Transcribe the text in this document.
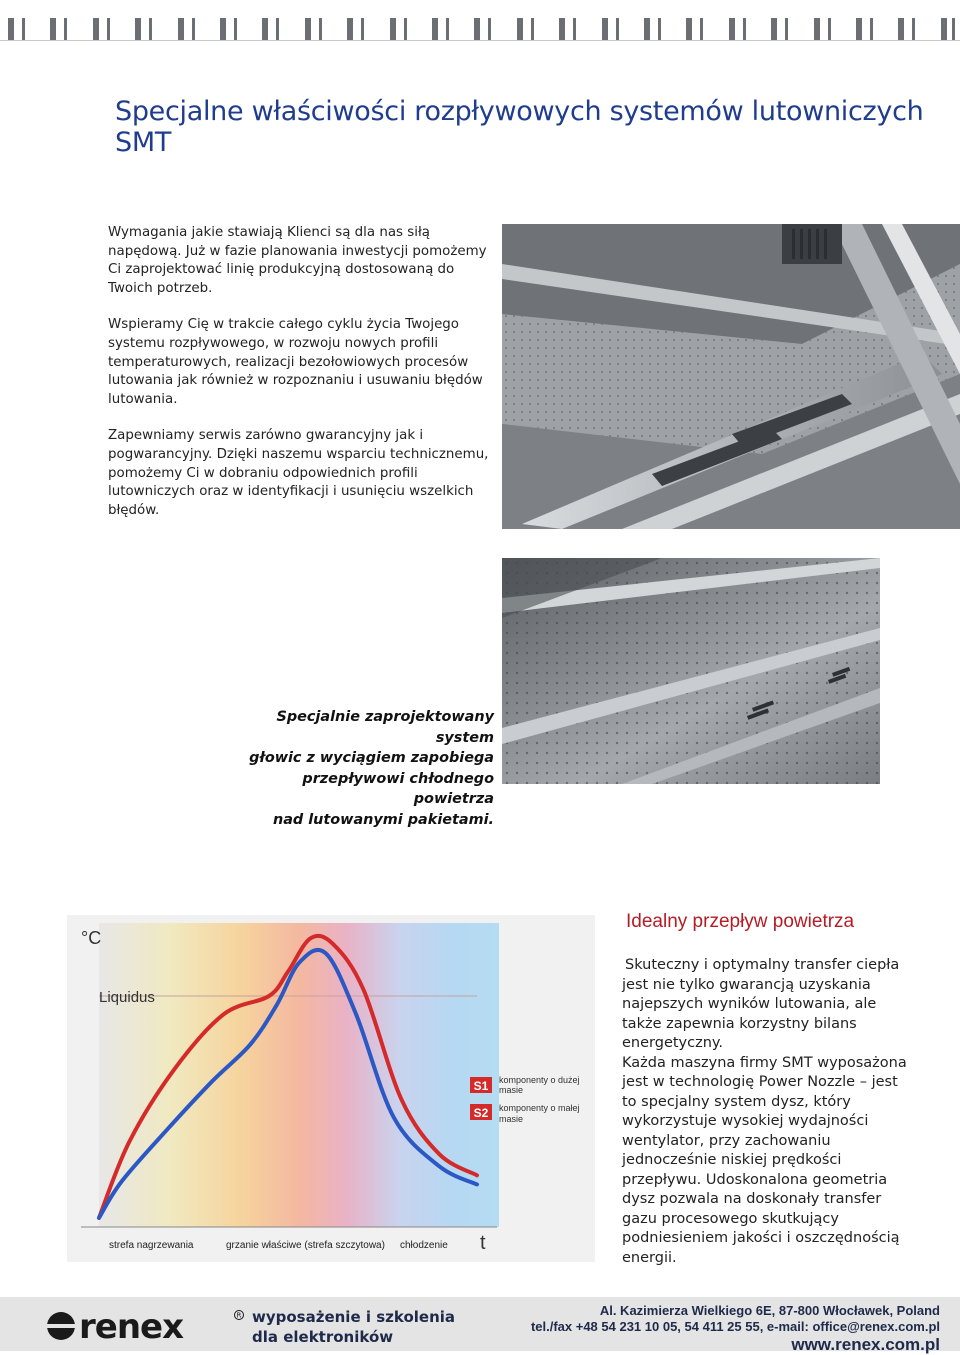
Specjalne właściwości rozpływowych systemów lutowniczych SMT

Wymagania jakie stawiają Klienci są dla nas siłą napędową. Już w fazie planowania inwestycji pomożemy Ci zaprojektować linię produkcyjną dostosowaną do Twoich potrzeb.

Wspieramy Cię w trakcie całego cyklu życia Twojego systemu rozpływowego, w rozwoju nowych profili temperaturowych, realizacji bezołowiowych procesów lutowania jak również w rozpoznaniu i usuwaniu błędów lutowania.

Zapewniamy serwis zarówno gwarancyjny jak i pogwarancyjny. Dzięki naszemu wsparciu technicznemu, pomożemy Ci w dobraniu odpowiednich profili lutowniczych oraz w identyfikacji i usunięciu wszelkich błędów.

Specjalnie zaprojektowany system
głowic z wyciągiem zapobiega
przepływowi chłodnego powietrza
nad lutowanymi pakietami.
°C
Liquidus
t
strefa nagrzewania	grzanie właściwe (strefa szczytowa) chłodzenie
S1 komponenty o dużej
masie
S2 komponenty o małej
masie
Idealny przepływ powietrza

Skuteczny i optymalny transfer ciepła jest nie tylko gwarancją uzyskania najepszych wyników lutowania, ale także zapewnia korzystny bilans energetyczny.

Każda maszyna firmy SMT wyposażona jest w technologię Power Nozzle – jest to specjalny system dysz, który wykorzystuje wysokiej wydajności wentylator, przy zachowaniu jednocześnie niskiej prędkości przepływu. Udoskonalona geometria dysz pozwala na doskonały transfer gazu procesowego skutkujący podniesieniem jakości i oszczędnością energii.

renex	R wyposażenie i szkolenia
dla elektroników
Al. Kazimierza Wielkiego 6E, 87-800 Włocławek, Poland
tel./fax +48 54 231 10 05, 54 411 25 55, e-mail: office@renex.com.pl
www.renex.com.pl
